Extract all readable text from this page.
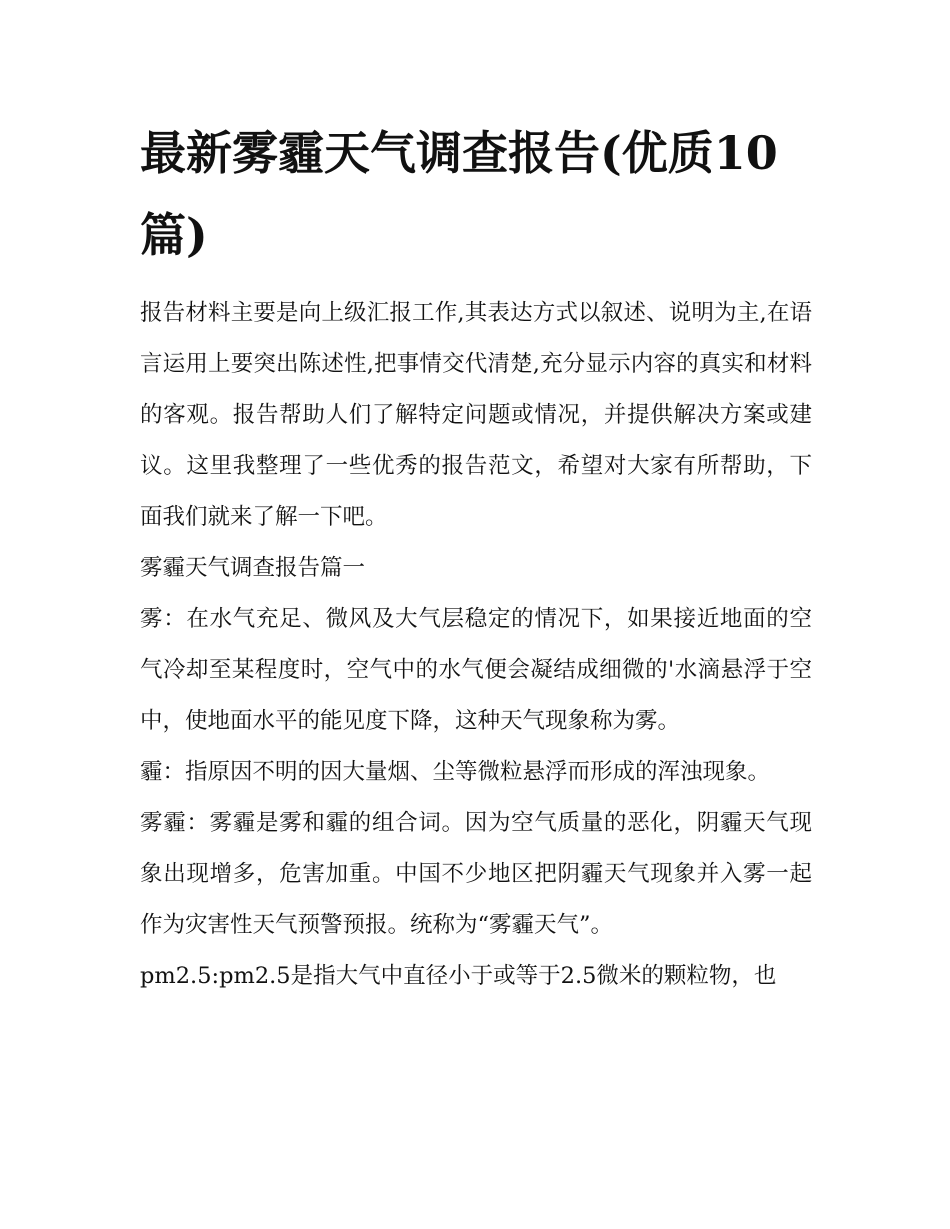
最新雾霾天气调查报告(优质10篇)

报告材料主要是向上级汇报工作,其表达方式以叙述、说明为主,在语言运用上要突出陈述性,把事情交代清楚,充分显示内容的真实和材料的客观。报告帮助人们了解特定问题或情况，并提供解决方案或建议。这里我整理了一些优秀的报告范文，希望对大家有所帮助，下面我们就来了解一下吧。

雾霾天气调查报告篇一

雾：在水气充足、微风及大气层稳定的情况下，如果接近地面的空气冷却至某程度时，空气中的水气便会凝结成细微的'水滴悬浮于空中，使地面水平的能见度下降，这种天气现象称为雾。

霾：指原因不明的因大量烟、尘等微粒悬浮而形成的浑浊现象。

雾霾：雾霾是雾和霾的组合词。因为空气质量的恶化，阴霾天气现象出现增多，危害加重。中国不少地区把阴霾天气现象并入雾一起作为灾害性天气预警预报。统称为“雾霾天气”。

pm2.5:pm2.5是指大气中直径小于或等于2.5微米的颗粒物，也
